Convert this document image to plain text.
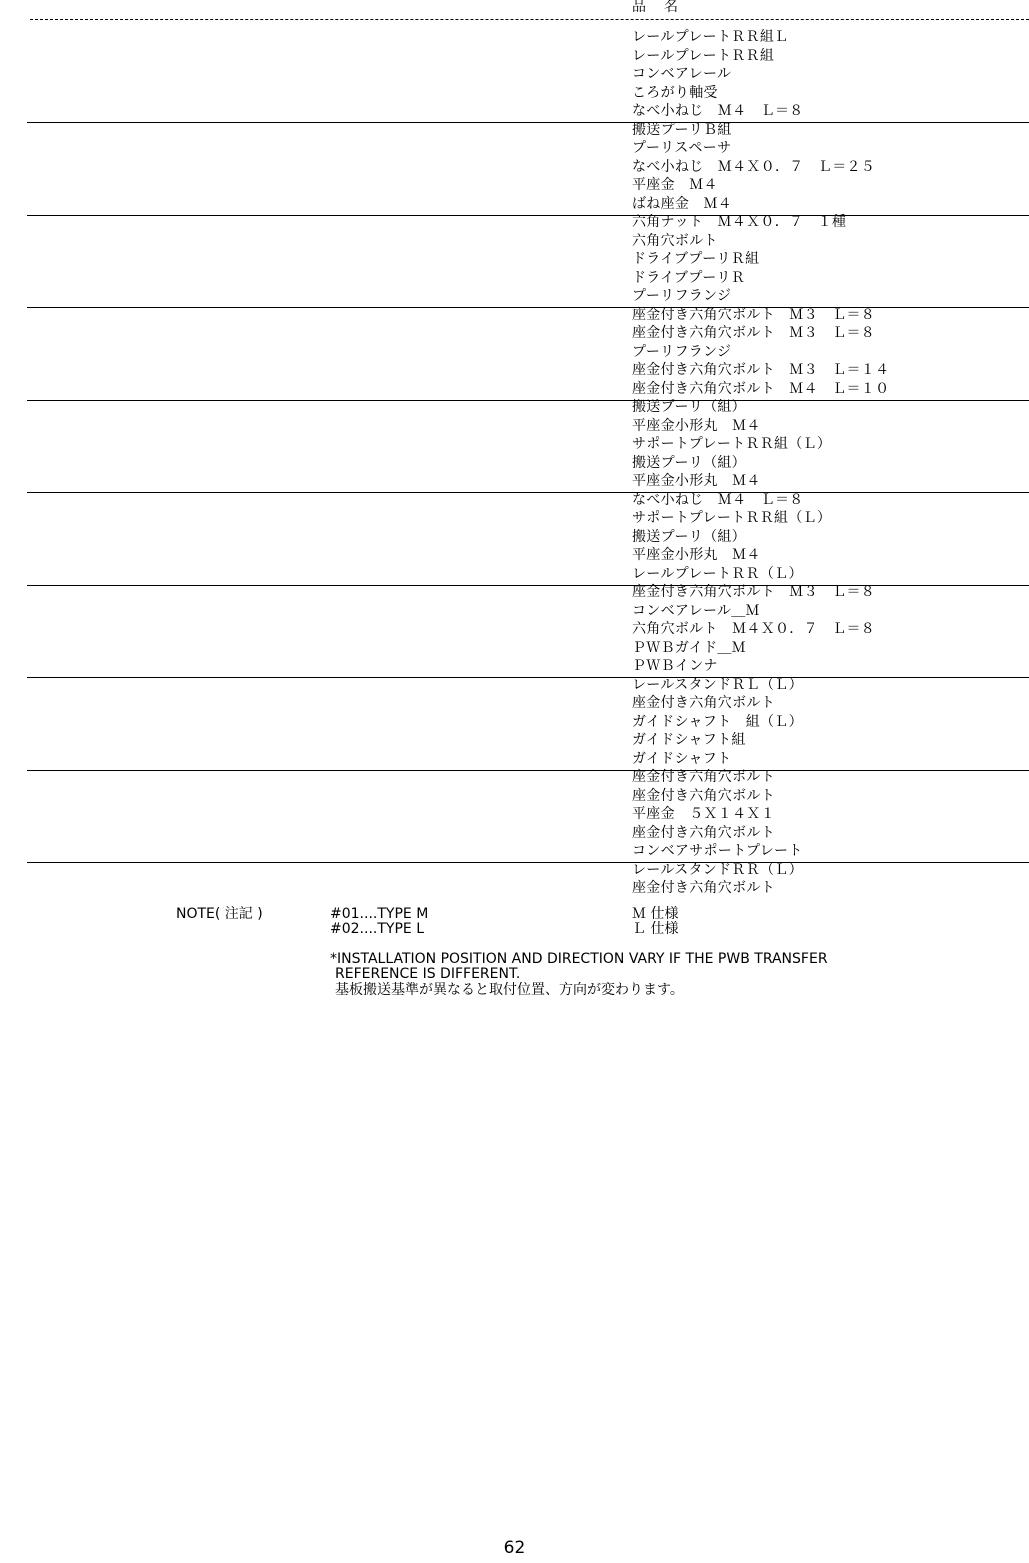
品　名
レールプレートＲＲ組Ｌ
レールプレートＲＲ組
コンベアレール
ころがり軸受
なべ小ねじ　Ｍ４　Ｌ＝８
搬送プーリＢ組
プーリスペーサ
なべ小ねじ　Ｍ４Ｘ０．７　Ｌ＝２５
平座金　Ｍ４
ばね座金　Ｍ４
六角ナット　Ｍ４Ｘ０．７　１種
六角穴ボルト
ドライブプーリＲ組
ドライブプーリＲ
プーリフランジ
座金付き六角穴ボルト　Ｍ３　Ｌ＝８
座金付き六角穴ボルト　Ｍ３　Ｌ＝８
プーリフランジ
座金付き六角穴ボルト　Ｍ３　Ｌ＝１４
座金付き六角穴ボルト　Ｍ４　Ｌ＝１０
搬送プーリ（組）
平座金小形丸　Ｍ４
サポートプレートＲＲ組（Ｌ）
搬送プーリ（組）
平座金小形丸　Ｍ４
なべ小ねじ　Ｍ４　Ｌ＝８
サポートプレートＲＲ組（Ｌ）
搬送プーリ（組）
平座金小形丸　Ｍ４
レールプレートＲＲ（Ｌ）
座金付き六角穴ボルト　Ｍ３　Ｌ＝８
コンベアレール＿Ｍ
六角穴ボルト　Ｍ４Ｘ０．７　Ｌ＝８
ＰＷＢガイド＿Ｍ
ＰＷＢインナ
レールスタンドＲＬ（Ｌ）
座金付き六角穴ボルト
ガイドシャフト　組（Ｌ）
ガイドシャフト組
ガイドシャフト
座金付き六角穴ボルト
座金付き六角穴ボルト
平座金　５Ｘ１４Ｘ１
座金付き六角穴ボルト
コンベアサポートプレート
レールスタンドＲＲ（Ｌ）
座金付き六角穴ボルト
NOTE( 注記 )	#01....TYPE M	Ｍ 仕様
#02....TYPE L	Ｌ 仕様
*INSTALLATION POSITION AND DIRECTION VARY IF THE PWB TRANSFER
REFERENCE IS DIFFERENT.
基板搬送基準が異なると取付位置、方向が変わります。
62
